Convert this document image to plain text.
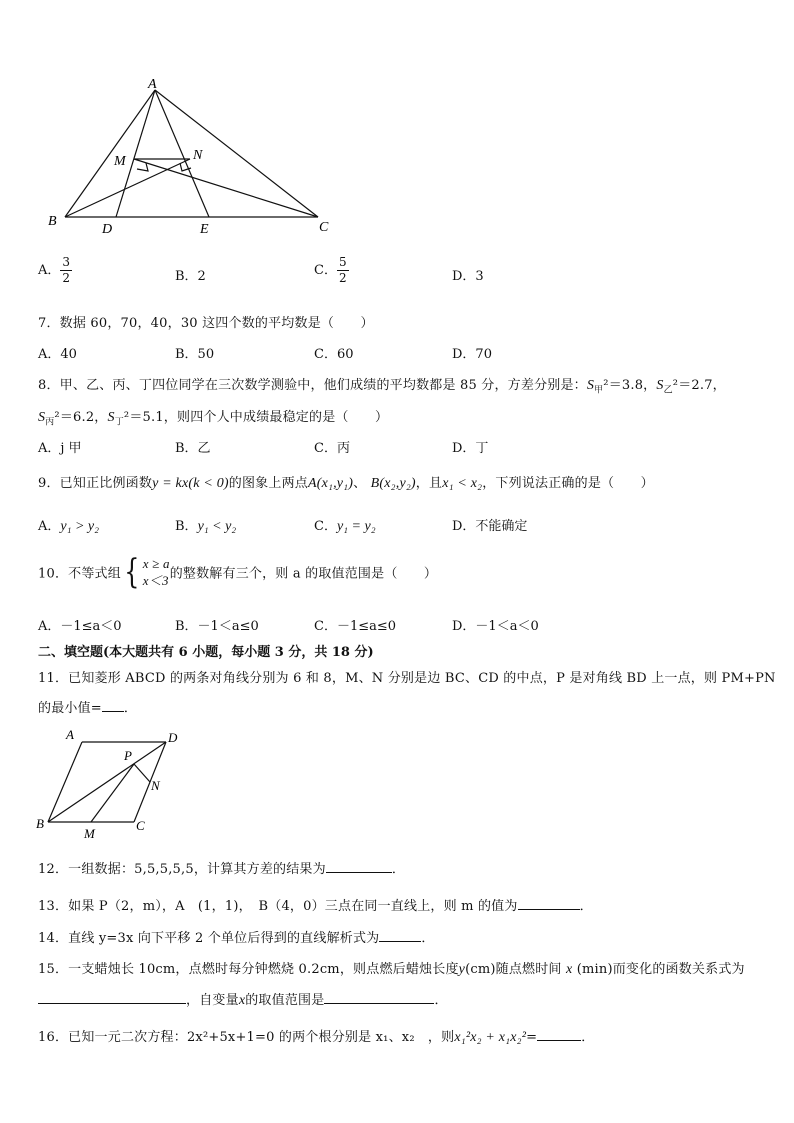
A
M	N
B
D	E	C
A． $\frac{3}{2}$	B．2	C． $\frac{5}{2}$	D．3
7．数据 60，70，40，30 这四个数的平均数是（　　）
A．40	B．50	C．60	D．70
8．甲、乙、丙、丁四位同学在三次数学测验中，他们成绩的平均数都是 85 分，方差分别是：$S_甲^2=3.8$，$S_乙^2=2.7$，
$S_丙^2=6.2$，$S_丁^2=5.1$，则四个人中成绩最稳定的是（　　）
A．j 甲	B．乙	C．丙	D．丁
9．已知正比例函数y = kx(k < 0)的图象上两点A(x₁,y₁)、 B(x₂,y₂)，且x₁ < x₂，下列说法正确的是（　　）
A．y₁ > y₂	B．y₁ < y₂	C．y₁ = y₂	D．不能确定
10．不等式组{ x ≥ a
x＜3 的整数解有三个，则 a 的取值范围是（　　）
A．－1≤a＜0	B．－1＜a≤0	C．－1≤a≤0	D．－1＜a＜0
二、填空题(本大题共有 6 小题，每小题 3 分，共 18 分)
11．已知菱形 ABCD 的两条对角线分别为 6 和 8，M、N 分别是边 BC、CD 的中点，P 是对角线 BD 上一点，则 PM+PN
的最小值= ．
A	D
P
N
B
M
C
12．一组数据：5,5,5,5,5，计算其方差的结果为	．
13．如果 P（2，m），A　(1，1)，　B（4，0）三点在同一直线上，则 m 的值为	．
14．直线 y=3x 向下平移 2 个单位后得到的直线解析式为	．
15．一支蜡烛长 10cm，点燃时每分钟燃烧 0.2cm，则点燃后蜡烛长度y(cm)随点燃时间 x (min)而变化的函数关系式为
，自变量x的取值范围是	．
16．已知一元二次方程：2x²+5x+1=0 的两个根分别是 x₁、x₂　，则x₁²x₂ + x₁x₂²=	．
